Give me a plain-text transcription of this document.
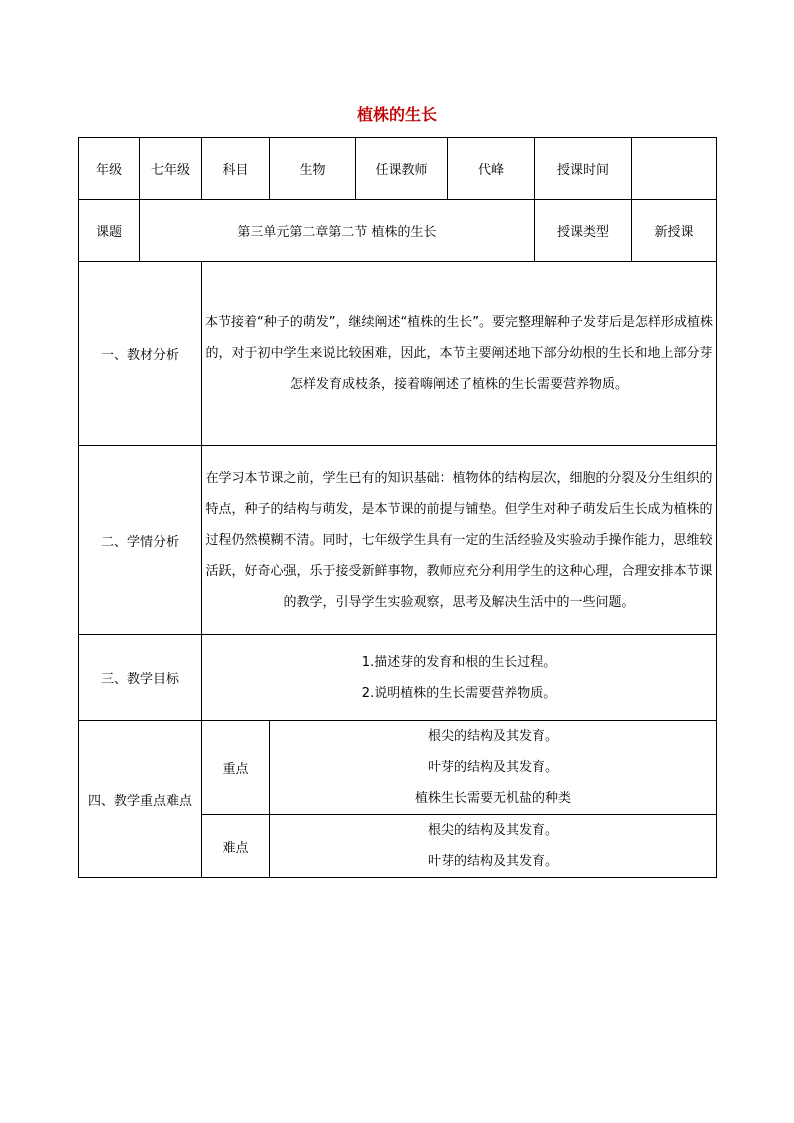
植株的生长
年级	七年级	科目	生物	任课教师	代峰	授课时间	
课题	第三单元第二章第二节 植株的生长					授课类型	新授课
一、教材分析		本节接着“种子的萌发”，继续阐述“植株的生长”。要完整理解种子发芽后是怎样形成植株的，对于初中学生来说比较困难，因此，本节主要阐述地下部分幼根的生长和地上部分芽怎样发育成枝条，接着嗨阐述了植株的生长需要营养物质。					

二、学情分析		在学习本节课之前，学生已有的知识基础：植物体的结构层次，细胞的分裂及分生组织的特点，种子的结构与萌发，是本节课的前提与铺垫。但学生对种子萌发后生长成为植株的过程仍然模糊不清。同时，七年级学生具有一定的生活经验及实验动手操作能力，思维较活跃，好奇心强，乐于接受新鲜事物，教师应充分利用学生的这种心理，合理安排本节课的教学，引导学生实验观察，思考及解决生活中的一些问题。					

三、教学目标		1.描述芽的发育和根的生长过程。
2.说明植株的生长需要营养物质。					

四、教学重点难点		重点	根尖的结构及其发育。
叶芽的结构及其发育。
植株生长需要无机盐的种类				

		难点	根尖的结构及其发育。
叶芽的结构及其发育。				
